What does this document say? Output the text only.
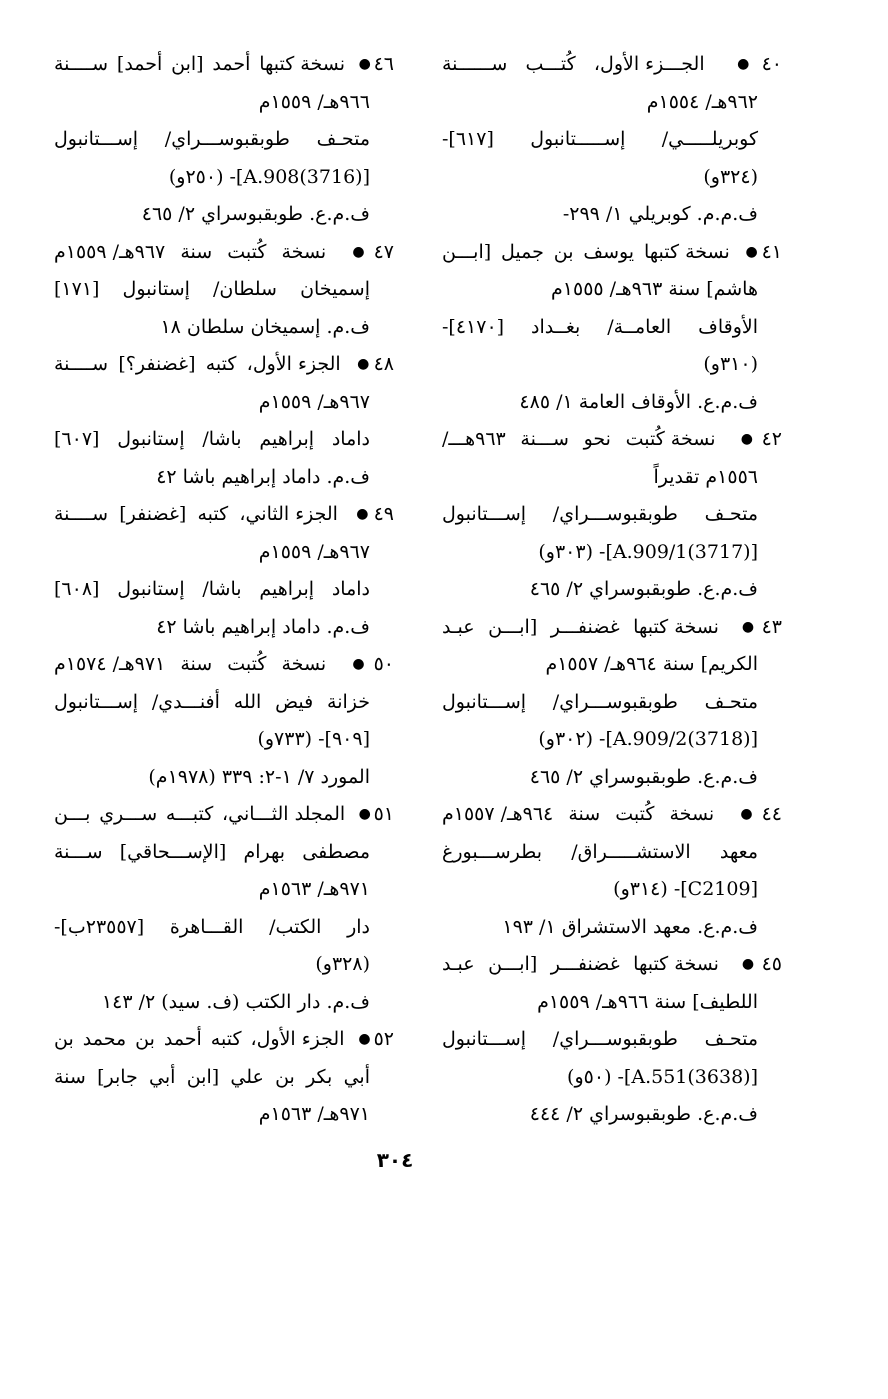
٤٠● الجـــزء الأول، كُتـــب ســــــنة
٩٦٢هـ/ ١٥٥٤م
كوبريلـــــي/ إســـــتانبول [٦١٧]-
(٣٢٤و)
ف.م.م. كوبريلي ١/ ٢٩٩-
٤١● نسخة كتبها يوسف بن جميل [ابـــن
هاشم] سنة ٩٦٣هـ/ ١٥٥٥م
الأوقاف العامــة/ بغــداد [٤١٧٠]-
(٣١٠و)
ف.م.ع. الأوقاف العامة ١/ ٤٨٥
٤٢● نسخة كُتبت نحو ســـنة ٩٦٣هـــ/
١٥٥٦م تقديراً
متحـف طوبقبوســـراي/ إســـتانبول
[A.909/1(3717)]- (٣٠٣و)
ف.م.ع. طوبقبوسراي ٢/ ٤٦٥
٤٣● نسخة كتبها غضنفـــر [ابـــن عبـد
الكريم] سنة ٩٦٤هـ/ ١٥٥٧م
متحـف طوبقبوســـراي/ إســـتانبول
[A.909/2(3718)]- (٣٠٢و)
ف.م.ع. طوبقبوسراي ٢/ ٤٦٥
٤٤● نسخة كُتبت سنة ٩٦٤هـ/ ١٥٥٧م
معهد الاستشـــــراق/ بطرســـبورغ
[C2109]- (٣١٤و)
ف.م.ع. معهد الاستشراق ١/ ١٩٣
٤٥● نسخة كتبها غضنفـــر [ابـــن عبـد
اللطيف] سنة ٩٦٦هـ/ ١٥٥٩م
متحـف طوبقبوســـراي/ إســـتانبول
[A.551(3638)]- (٥٠و)
ف.م.ع. طوبقبوسراي ٢/ ٤٤٤
٤٦● نسخة كتبها أحمد [ابن أحمد] ســــنة
٩٦٦هـ/ ١٥٥٩م
متحـف طوبقبوســـراي/ إســـتانبول
[A.908(3716)]- (٢٥٠و)
ف.م.ع. طوبقبوسراي ٢/ ٤٦٥
٤٧● نسخة كُتبت سنة ٩٦٧هـ/ ١٥٥٩م
إسميخان سلطان/ إستانبول [١٧١]
ف.م. إسميخان سلطان ١٨
٤٨● الجزء الأول، كتبه [غضنفر؟] ســــنة
٩٦٧هـ/ ١٥٥٩م
داماد إبراهيم باشا/ إستانبول [٦٠٧]
ف.م. داماد إبراهيم باشا ٤٢
٤٩● الجزء الثاني، كتبه [غضنفر] ســــنة
٩٦٧هـ/ ١٥٥٩م
داماد إبراهيم باشا/ إستانبول [٦٠٨]
ف.م. داماد إبراهيم باشا ٤٢
٥٠● نسخة كُتبت سنة ٩٧١هـ/ ١٥٧٤م
خزانة فيض الله أفنـــدي/ إســـتانبول
[٩٠٩]- (٧٣٣و)
المورد ٧/ ١-٢: ٣٣٩ (١٩٧٨م)
٥١● المجلد الثـــاني، كتبـــه ســـري بـــن
مصطفى بهرام [الإســـحاقي] ســـنة
٩٧١هـ/ ١٥٦٣م
دار الكتب/ القـــاهرة [٢٣٥٥٧ب]-
(٣٢٨و)
ف.م. دار الكتب (ف. سيد) ٢/ ١٤٣
٥٢● الجزء الأول، كتبه أحمد بن محمد بن
أبي بكر بن علي [ابن أبي جابر] سنة
٩٧١هـ/ ١٥٦٣م
٣٠٤
